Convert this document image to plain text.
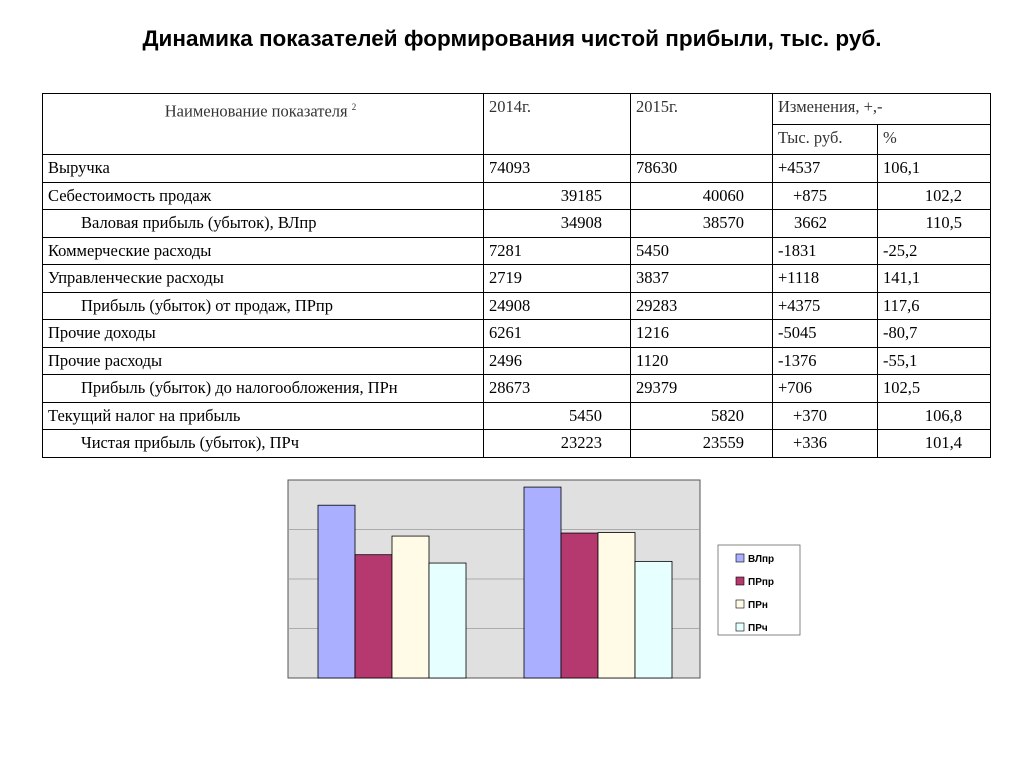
Динамика показателей формирования чистой прибыли, тыс. руб.
Наименование показателя $^2$	2014г.	2015г.	Изменения, +,-	
			Тыс. руб.	%
Выручка	74093	78630	+4537	106,1
Себестоимость продаж	39185	40060	+875	102,2
Валовая прибыль (убыток), ВЛпр	34908	38570	3662	110,5
Коммерческие расходы	7281	5450	-1831	-25,2
Управленческие расходы	2719	3837	+1118	141,1
Прибыль (убыток) от продаж, ПРпр	24908	29283	+4375	117,6
Прочие доходы	6261	1216	-5045	-80,7
Прочие расходы	2496	1120	-1376	-55,1
Прибыль (убыток) до налогообложения, ПРн	28673	29379	+706	102,5
Текущий налог на прибыль	5450	5820	+370	106,8
Чистая прибыль (убыток), ПРч	23223	23559	+336	101,4
ВЛпр
ПРпр
ПРн
ПРч
